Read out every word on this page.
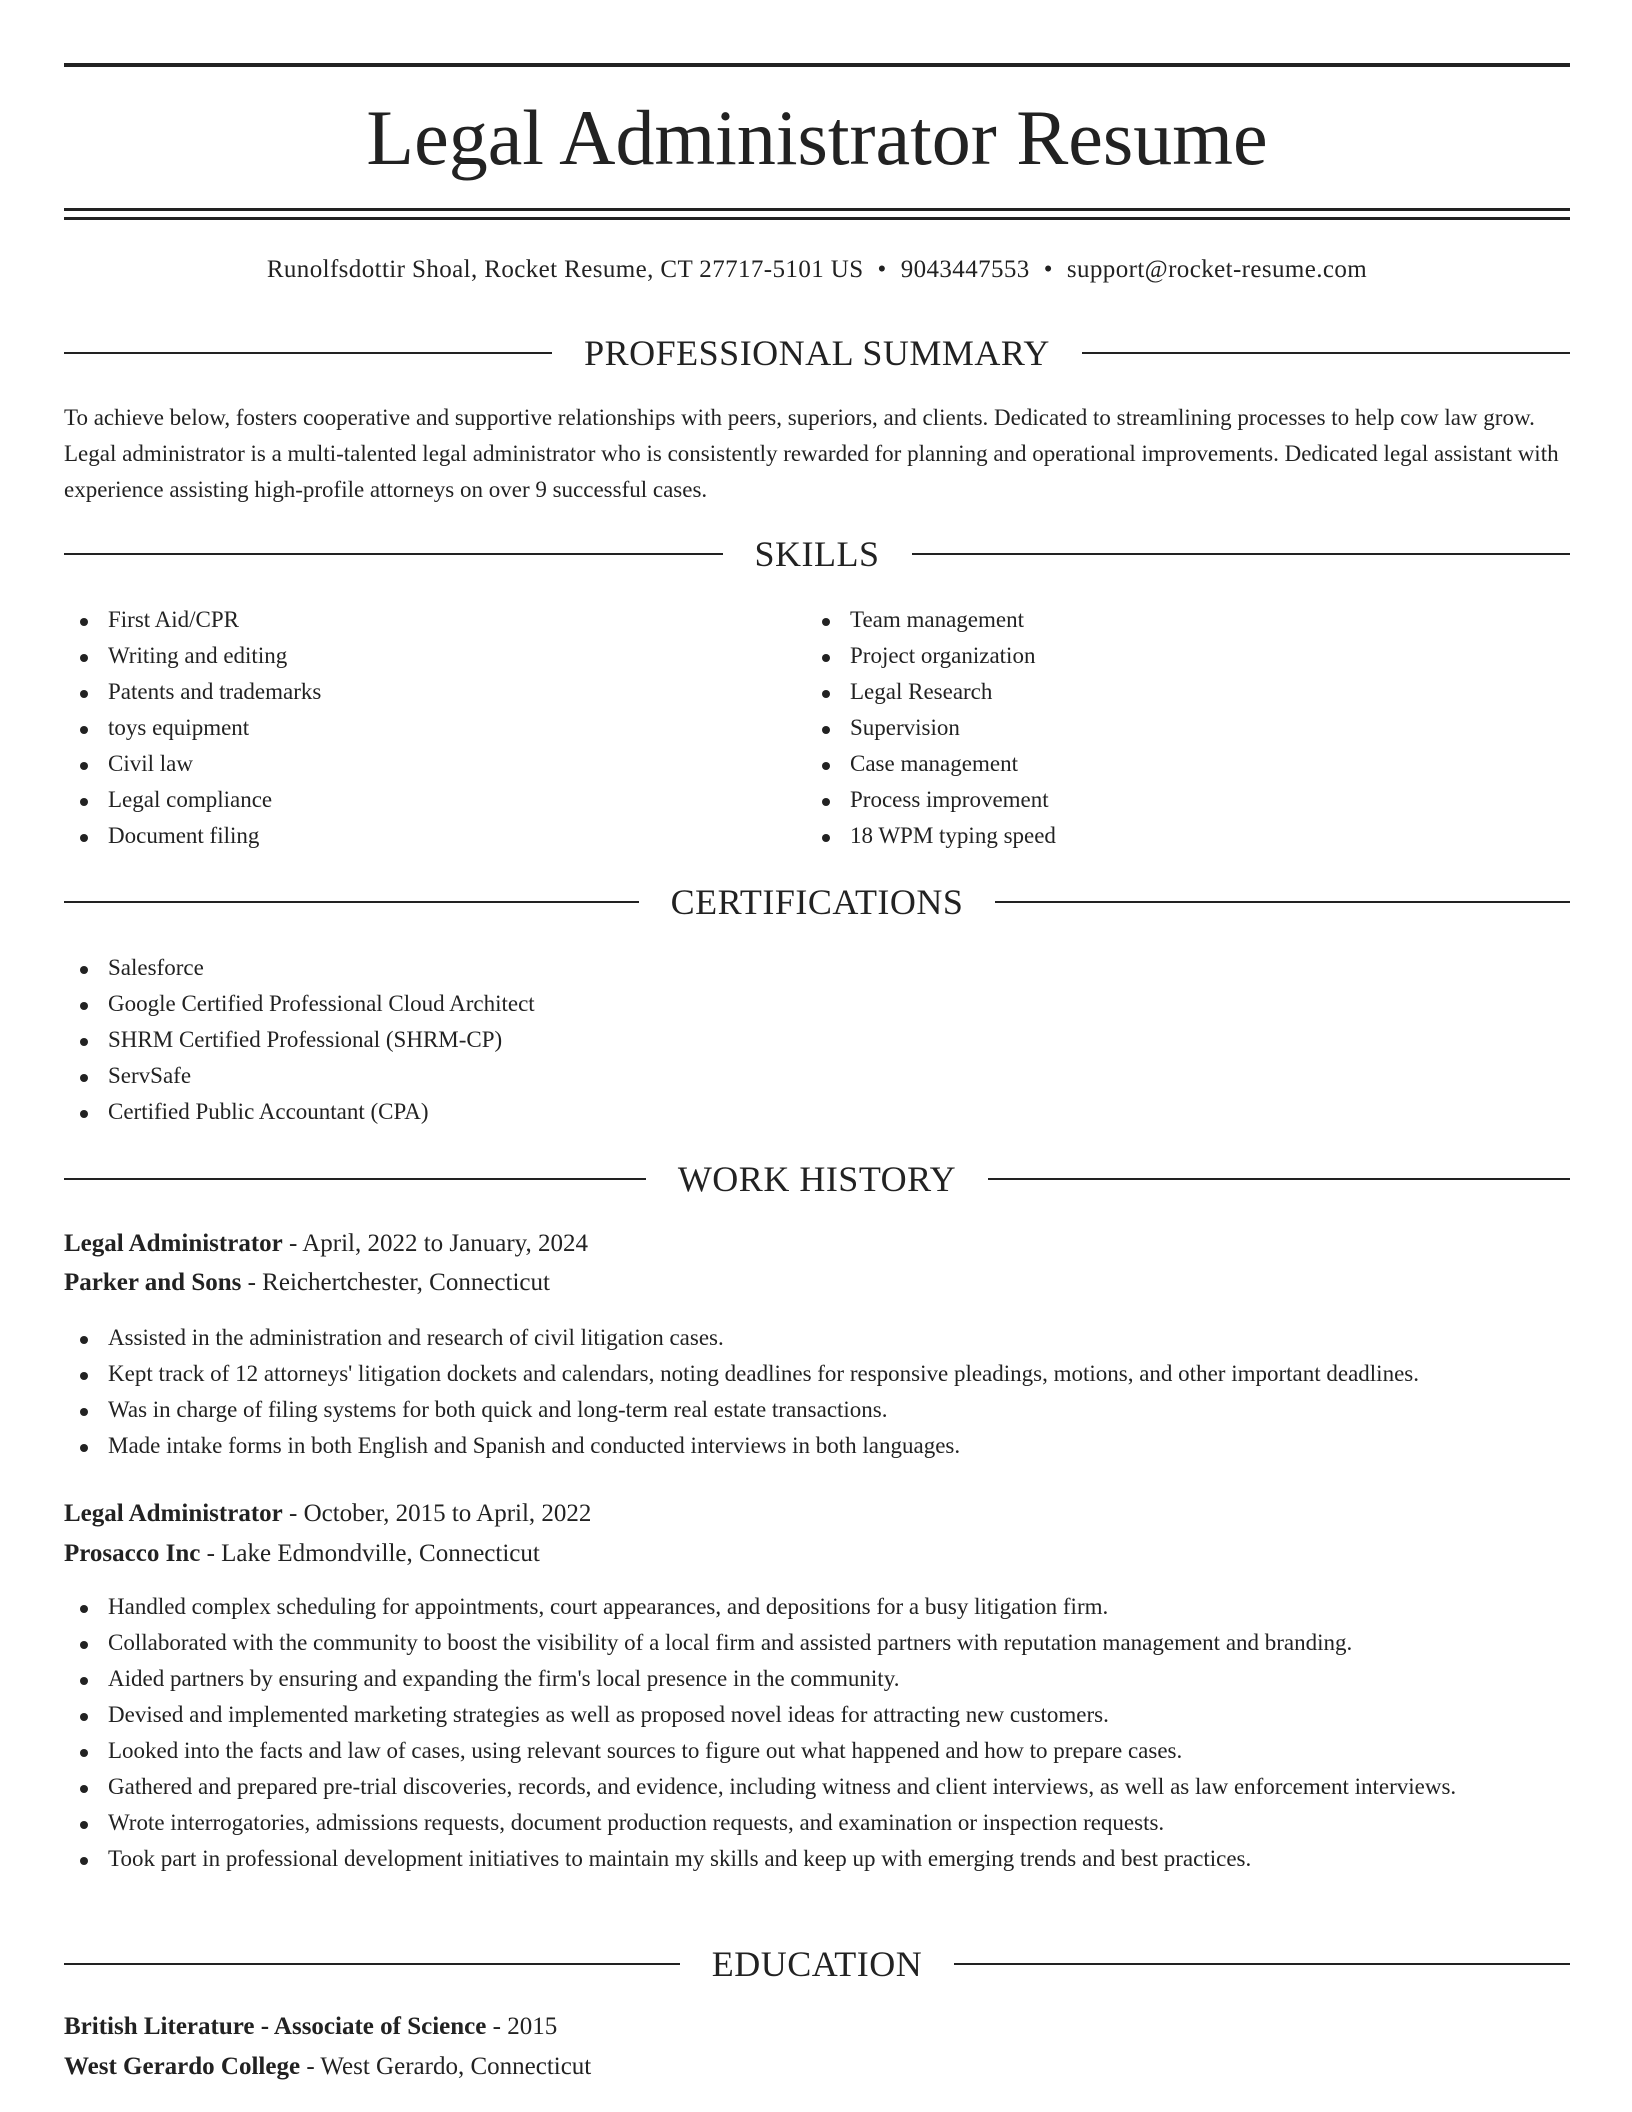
Legal Administrator Resume
Runolfsdottir Shoal, Rocket Resume, CT 27717-5101 US • 9043447553 • support@rocket-resume.com
PROFESSIONAL SUMMARY

To achieve below, fosters cooperative and supportive relationships with peers, superiors, and clients. Dedicated to streamlining processes to help cow law grow. Legal administrator is a multi-talented legal administrator who is consistently rewarded for planning and operational improvements. Dedicated legal assistant with experience assisting high-profile attorneys on over 9 successful cases.

SKILLS
First Aid/CPR
Writing and editing
Patents and trademarks
toys equipment
Civil law
Legal compliance
Document filing
Team management
Project organization
Legal Research
Supervision
Case management
Process improvement
18 WPM typing speed
CERTIFICATIONS
Salesforce
Google Certified Professional Cloud Architect
SHRM Certified Professional (SHRM-CP)
ServSafe
Certified Public Accountant (CPA)
WORK HISTORY
Legal Administrator - April, 2022 to January, 2024
Parker and Sons - Reichertchester, Connecticut
Assisted in the administration and research of civil litigation cases.
Kept track of 12 attorneys' litigation dockets and calendars, noting deadlines for responsive pleadings, motions, and other important deadlines.
Was in charge of filing systems for both quick and long-term real estate transactions.
Made intake forms in both English and Spanish and conducted interviews in both languages.
Legal Administrator - October, 2015 to April, 2022
Prosacco Inc - Lake Edmondville, Connecticut
Handled complex scheduling for appointments, court appearances, and depositions for a busy litigation firm.
Collaborated with the community to boost the visibility of a local firm and assisted partners with reputation management and branding.
Aided partners by ensuring and expanding the firm's local presence in the community.
Devised and implemented marketing strategies as well as proposed novel ideas for attracting new customers.
Looked into the facts and law of cases, using relevant sources to figure out what happened and how to prepare cases.
Gathered and prepared pre-trial discoveries, records, and evidence, including witness and client interviews, as well as law enforcement interviews.
Wrote interrogatories, admissions requests, document production requests, and examination or inspection requests.
Took part in professional development initiatives to maintain my skills and keep up with emerging trends and best practices.
EDUCATION
British Literature - Associate of Science - 2015
West Gerardo College - West Gerardo, Connecticut
